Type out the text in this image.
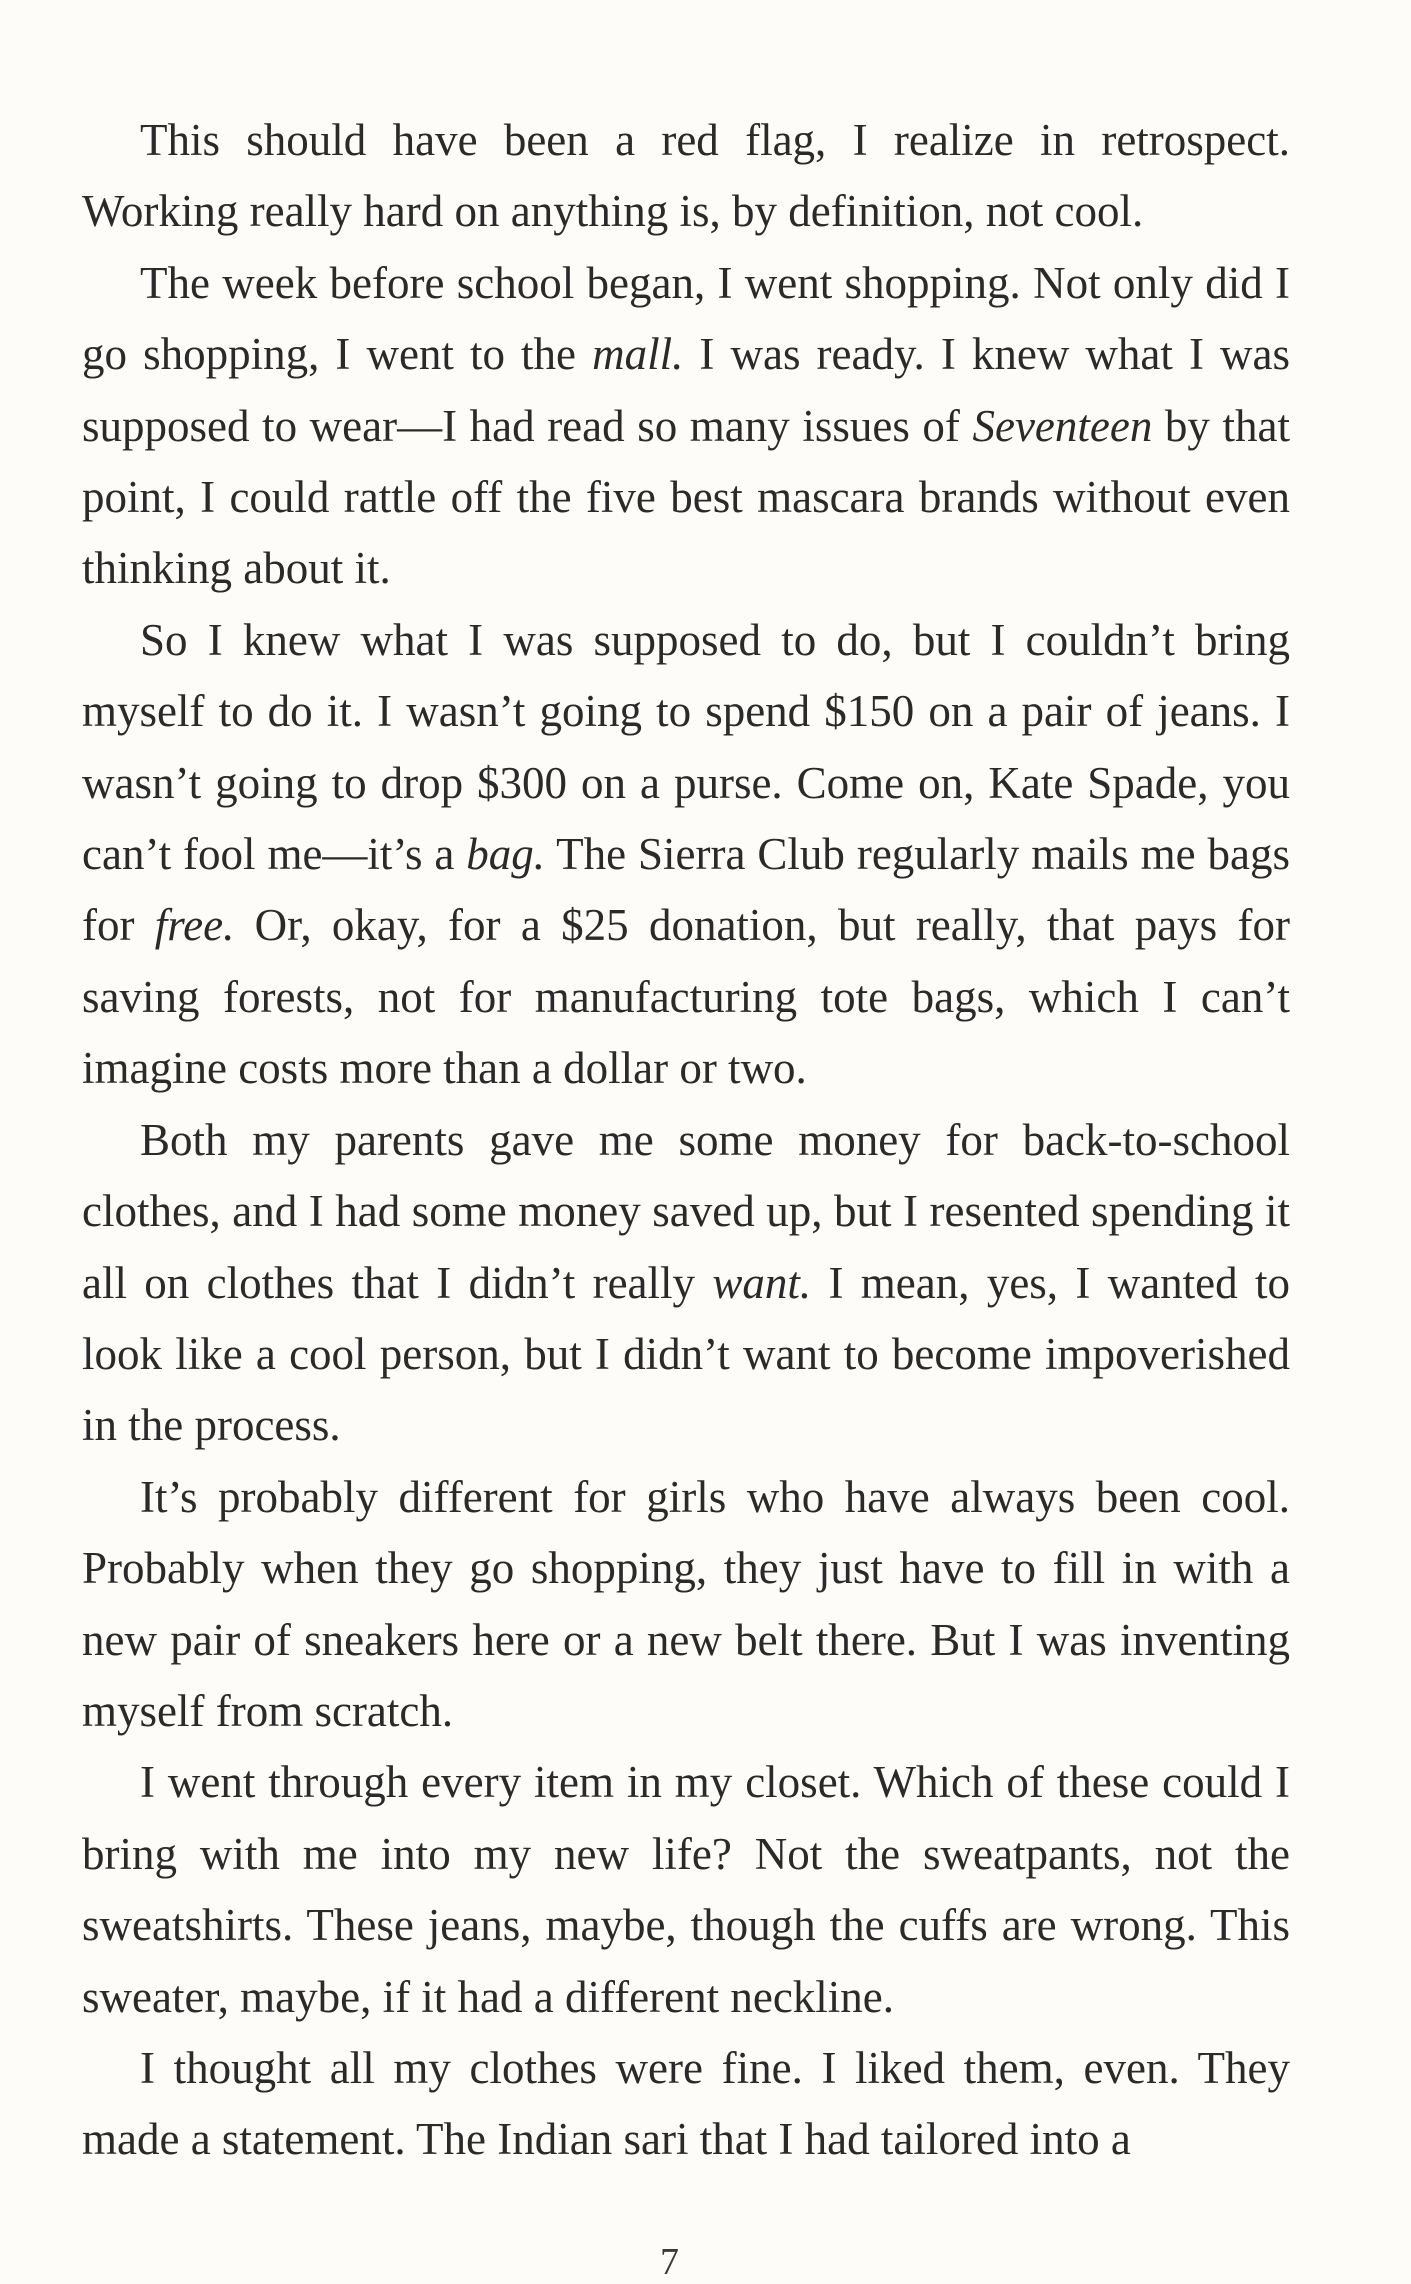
This should have been a red flag, I realize in retrospect. Working really hard on anything is, by definition, not cool.

The week before school began, I went shopping. Not only did I go shopping, I went to the mall. I was ready. I knew what I was supposed to wear—I had read so many issues of Seventeen by that point, I could rattle off the five best mascara brands without even thinking about it.

So I knew what I was supposed to do, but I couldn’t bring myself to do it. I wasn’t going to spend $150 on a pair of jeans. I wasn’t going to drop $300 on a purse. Come on, Kate Spade, you can’t fool me—it’s a bag. The Sierra Club regularly mails me bags for free. Or, okay, for a $25 donation, but really, that pays for saving forests, not for manufacturing tote bags, which I can’t imagine costs more than a dollar or two.

Both my parents gave me some money for back-to-school clothes, and I had some money saved up, but I resented spending it all on clothes that I didn’t really want. I mean, yes, I wanted to look like a cool person, but I didn’t want to become impoverished in the process.

It’s probably different for girls who have always been cool. Probably when they go shopping, they just have to fill in with a new pair of sneakers here or a new belt there. But I was inventing myself from scratch.

I went through every item in my closet. Which of these could I bring with me into my new life? Not the sweatpants, not the sweatshirts. These jeans, maybe, though the cuffs are wrong. This sweater, maybe, if it had a different neckline.

I thought all my clothes were fine. I liked them, even. They made a statement. The Indian sari that I had tailored into a

7
